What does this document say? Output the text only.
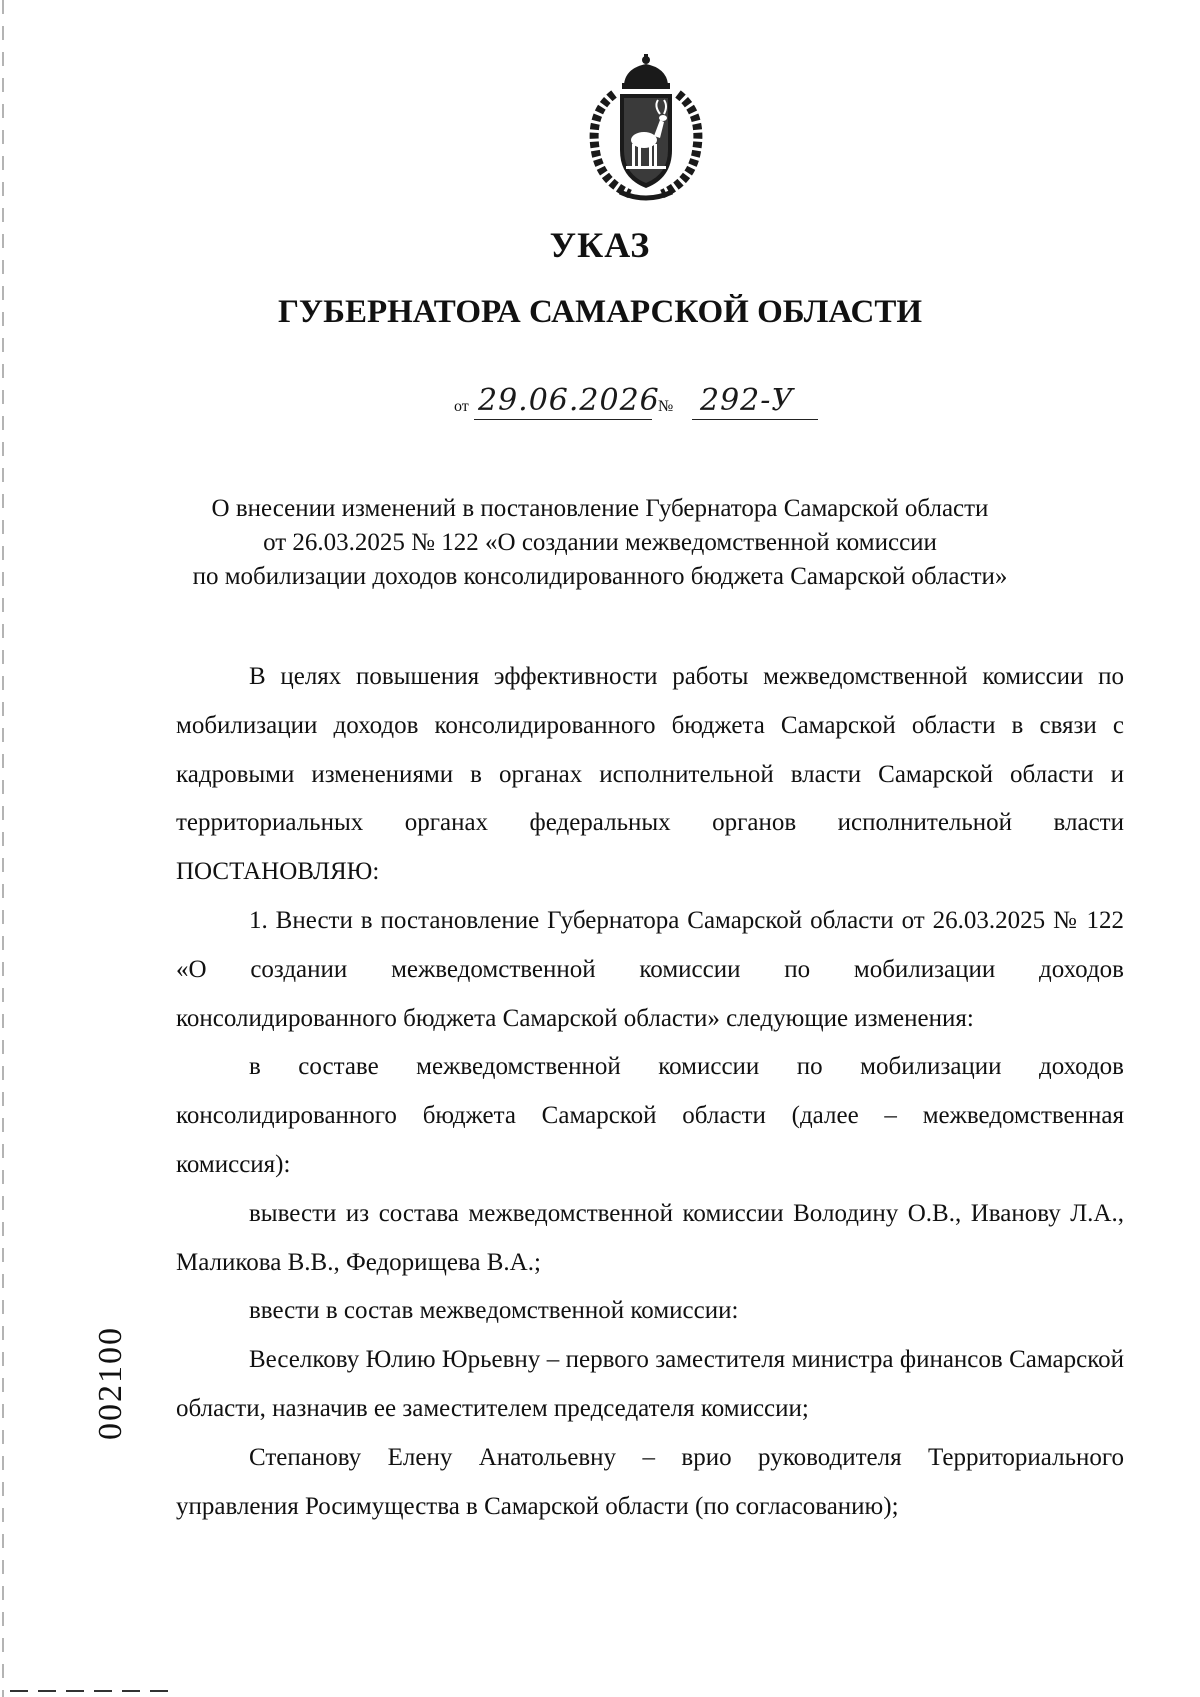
УКАЗ
ГУБЕРНАТОРА САМАРСКОЙ ОБЛАСТИ
от 29.06.2026
№ 292-У
О внесении изменений в постановление Губернатора Самарской области
от 26.03.2025 № 122 «О создании межведомственной комиссии
по мобилизации доходов консолидированного бюджета Самарской области»

В целях повышения эффективности работы межведомственной комиссии по мобилизации доходов консолидированного бюджета Самарской области в связи с кадровыми изменениями в органах исполнительной власти Самарской области и территориальных органах федеральных органов исполнительной власти ПОСТАНОВЛЯЮ:

1. Внести в постановление Губернатора Самарской области от 26.03.2025 № 122 «О создании межведомственной комиссии по мобилизации доходов консолидированного бюджета Самарской области» следующие изменения:

в составе межведомственной комиссии по мобилизации доходов консолидированного бюджета Самарской области (далее – межведомственная комиссия):

вывести из состава межведомственной комиссии Володину О.В., Иванову Л.А., Маликова В.В., Федорищева В.А.;

ввести в состав межведомственной комиссии:

Веселкову Юлию Юрьевну – первого заместителя министра финансов Самарской области, назначив ее заместителем председателя комиссии;

Степанову Елену Анатольевну – врио руководителя Территориального управления Росимущества в Самарской области (по согласованию);

002100
